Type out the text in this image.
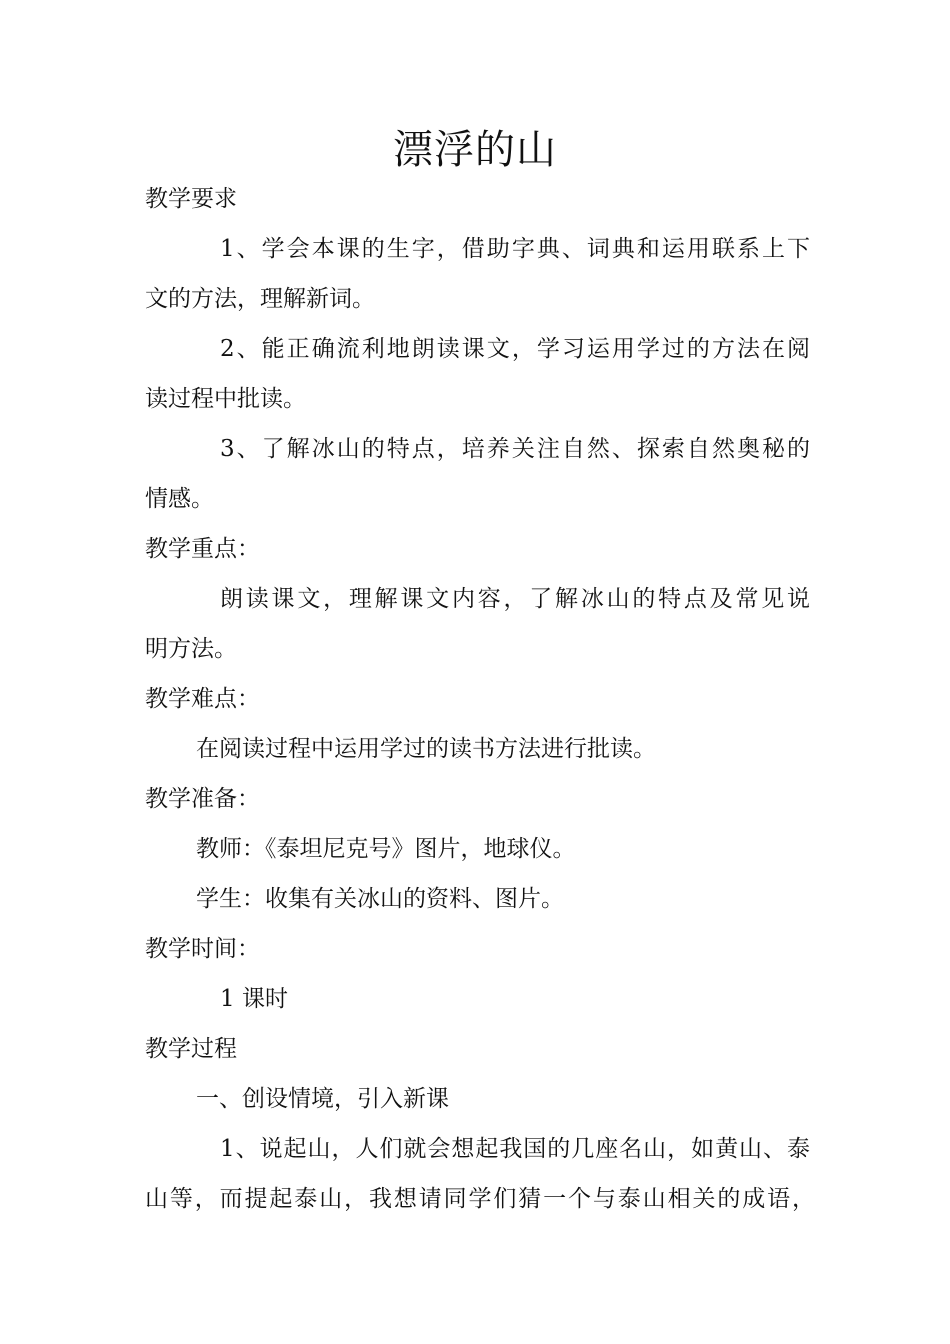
漂浮的山
教学要求
1、学会本课的生字，借助字典、词典和运用联系上下
文的方法，理解新词。
2、能正确流利地朗读课文，学习运用学过的方法在阅
读过程中批读。
3、了解冰山的特点，培养关注自然、探索自然奥秘的
情感。
教学重点：
朗读课文，理解课文内容，了解冰山的特点及常见说
明方法。
教学难点：
在阅读过程中运用学过的读书方法进行批读。
教学准备：
教师：《泰坦尼克号》图片，地球仪。
学生：收集有关冰山的资料、图片。
教学时间：
1 课时
教学过程
一、创设情境，引入新课
1、说起山，人们就会想起我国的几座名山，如黄山、泰
山等，而提起泰山，我想请同学们猜一个与泰山相关的成语，
